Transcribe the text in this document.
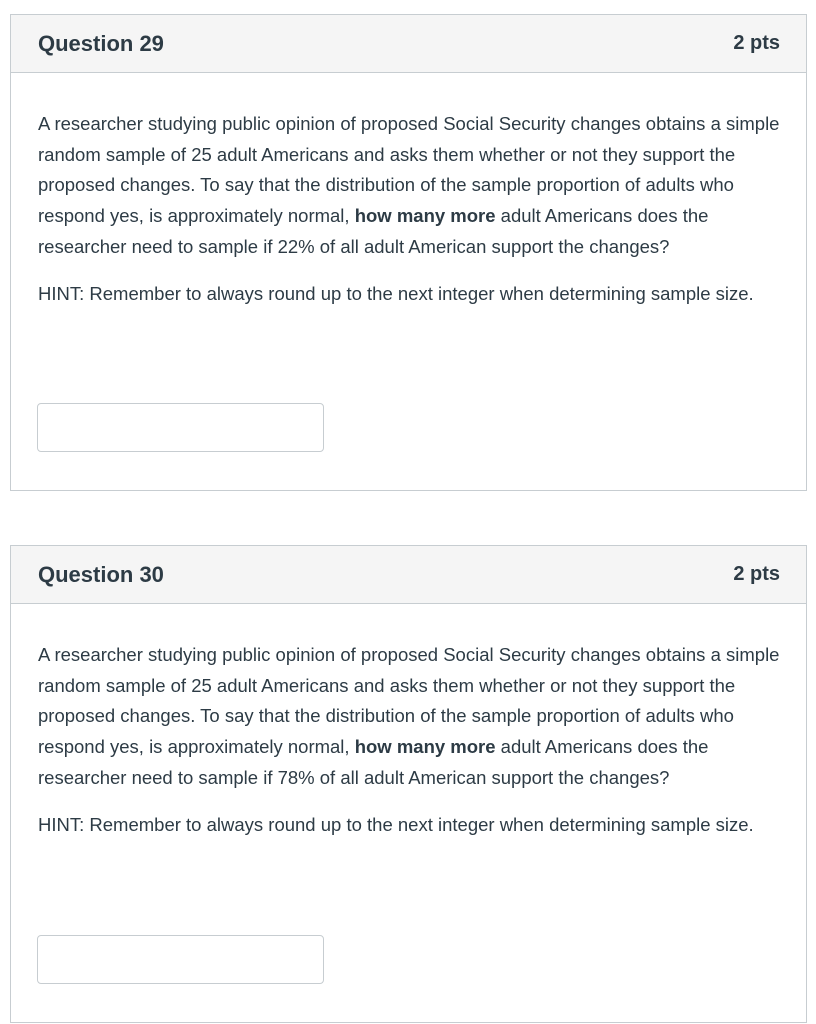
Question 29	2 pts

A researcher studying public opinion of proposed Social Security changes obtains a simple random sample of 25 adult Americans and asks them whether or not they support the proposed changes. To say that the distribution of the sample proportion of adults who respond yes, is approximately normal, how many more adult Americans does the researcher need to sample if 22% of all adult American support the changes?

HINT: Remember to always round up to the next integer when determining sample size.

Question 30	2 pts

A researcher studying public opinion of proposed Social Security changes obtains a simple random sample of 25 adult Americans and asks them whether or not they support the proposed changes. To say that the distribution of the sample proportion of adults who respond yes, is approximately normal, how many more adult Americans does the researcher need to sample if 78% of all adult American support the changes?

HINT: Remember to always round up to the next integer when determining sample size.
